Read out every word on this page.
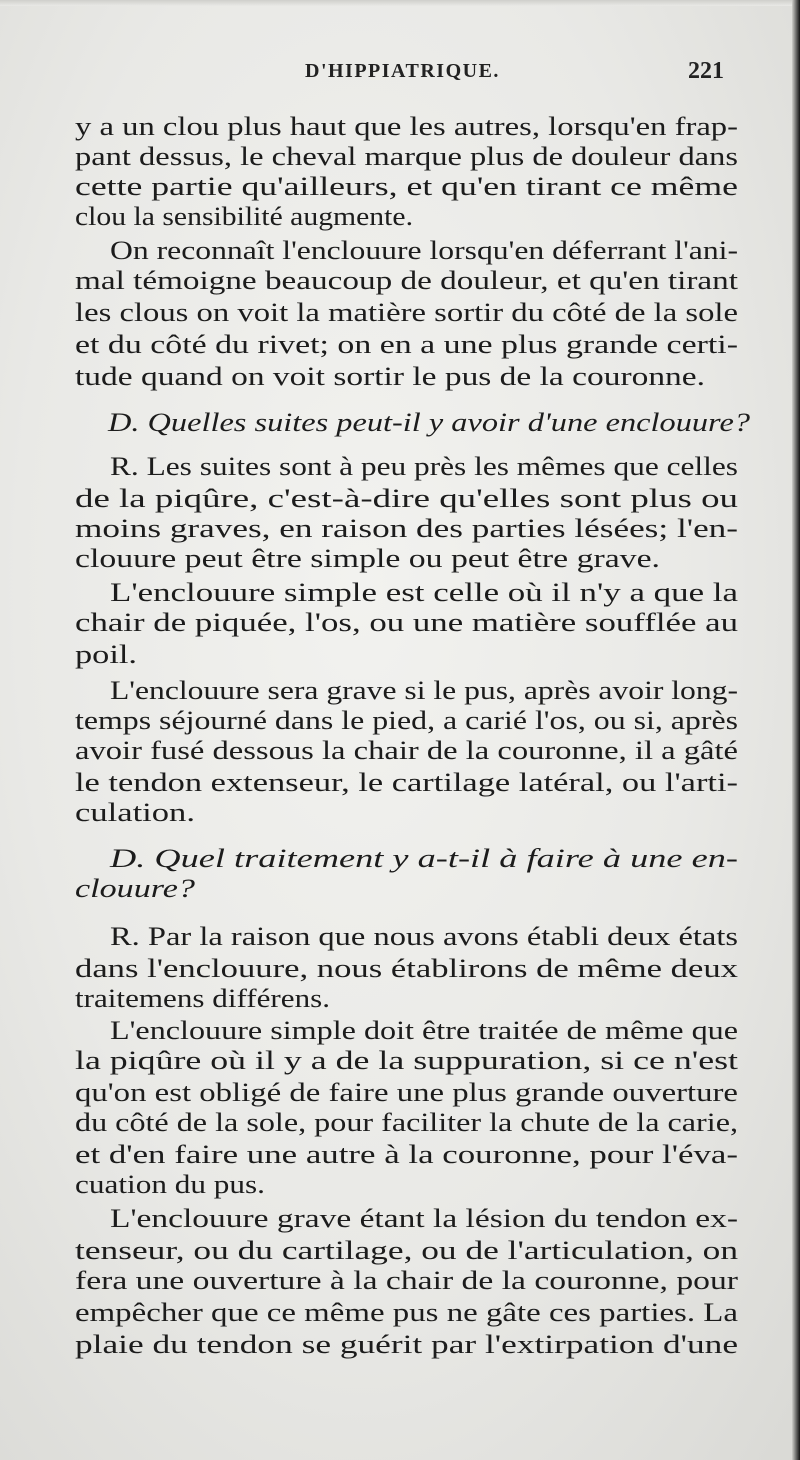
D'HIPPIATRIQUE.	221
y a un clou plus haut que les autres, lorsqu'en frap-
pant dessus, le cheval marque plus de douleur dans
cette partie qu'ailleurs, et qu'en tirant ce même
clou la sensibilité augmente.
On reconnaît l'enclouure lorsqu'en déferrant l'ani-
mal témoigne beaucoup de douleur, et qu'en tirant
les clous on voit la matière sortir du côté de la sole
et du côté du rivet; on en a une plus grande certi-
tude quand on voit sortir le pus de la couronne.
D. Quelles suites peut-il y avoir d'une enclouure?
R. Les suites sont à peu près les mêmes que celles
de la piqûre, c'est-à-dire qu'elles sont plus ou
moins graves, en raison des parties lésées; l'en-
clouure peut être simple ou peut être grave.
L'enclouure simple est celle où il n'y a que la
chair de piquée, l'os, ou une matière soufflée au
poil.
L'enclouure sera grave si le pus, après avoir long-
temps séjourné dans le pied, a carié l'os, ou si, après
avoir fusé dessous la chair de la couronne, il a gâté
le tendon extenseur, le cartilage latéral, ou l'arti-
culation.
D. Quel traitement y a-t-il à faire à une en-
clouure?
R. Par la raison que nous avons établi deux états
dans l'enclouure, nous établirons de même deux
traitemens différens.
L'enclouure simple doit être traitée de même que
la piqûre où il y a de la suppuration, si ce n'est
qu'on est obligé de faire une plus grande ouverture
du côté de la sole, pour faciliter la chute de la carie,
et d'en faire une autre à la couronne, pour l'éva-
cuation du pus.
L'enclouure grave étant la lésion du tendon ex-
tenseur, ou du cartilage, ou de l'articulation, on
fera une ouverture à la chair de la couronne, pour
empêcher que ce même pus ne gâte ces parties. La
plaie du tendon se guérit par l'extirpation d'une
